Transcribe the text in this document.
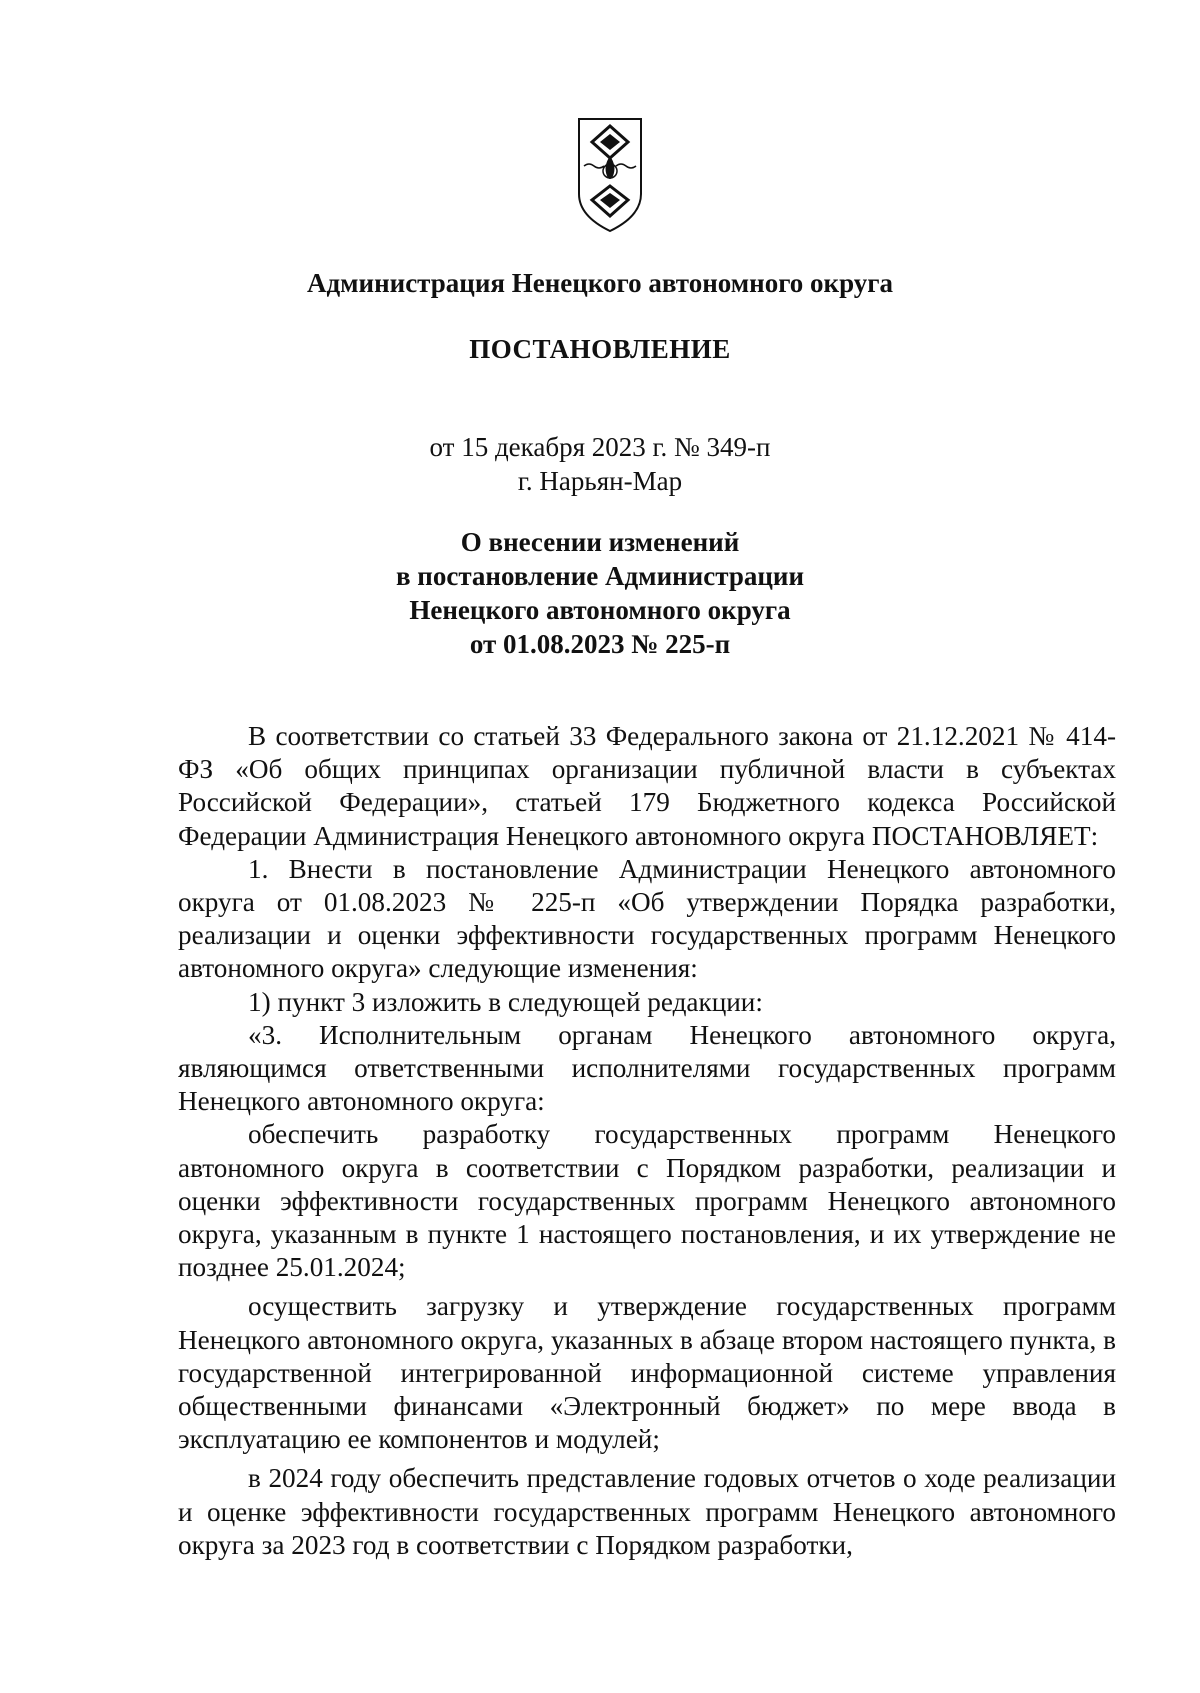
Администрация Ненецкого автономного округа
ПОСТАНОВЛЕНИЕ
от 15 декабря 2023 г. № 349-п
г. Нарьян-Мар
О внесении изменений
в постановление Администрации
Ненецкого автономного округа
от 01.08.2023 № 225-п

В соответствии со статьей 33 Федерального закона от 21.12.2021 № 414-ФЗ «Об общих принципах организации публичной власти в субъектах Российской Федерации», статьей 179 Бюджетного кодекса Российской Федерации Администрация Ненецкого автономного округа ПОСТАНОВЛЯЕТ:

1. Внести в постановление Администрации Ненецкого автономного округа от 01.08.2023 № 225-п «Об утверждении Порядка разработки, реализации и оценки эффективности государственных программ Ненецкого автономного округа» следующие изменения:

1) пункт 3 изложить в следующей редакции:

«3. Исполнительным органам Ненецкого автономного округа, являющимся ответственными исполнителями государственных программ Ненецкого автономного округа:

обеспечить разработку государственных программ Ненецкого автономного округа в соответствии с Порядком разработки, реализации и оценки эффективности государственных программ Ненецкого автономного округа, указанным в пункте 1 настоящего постановления, и их утверждение не позднее 25.01.2024;

осуществить загрузку и утверждение государственных программ Ненецкого автономного округа, указанных в абзаце втором настоящего пункта, в государственной интегрированной информационной системе управления общественными финансами «Электронный бюджет» по мере ввода в эксплуатацию ее компонентов и модулей;

в 2024 году обеспечить представление годовых отчетов о ходе реализации и оценке эффективности государственных программ Ненецкого автономного округа за 2023 год в соответствии с Порядком разработки,
